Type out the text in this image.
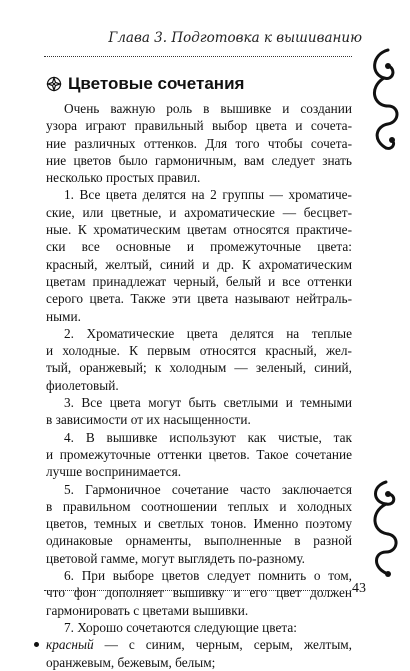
Глава 3. Подготовка к вышиванию
Цветовые сочетания
Очень важную роль в вышивке и создании
узора играют правильный выбор цвета и сочета-
ние различных оттенков. Для того чтобы сочета-
ние цветов было гармоничным, вам следует знать
несколько простых правил.
1. Все цвета делятся на 2 группы — хроматиче-
ские, или цветные, и ахроматические — бесцвет-
ные. К хроматическим цветам относятся практиче-
ски все основные и промежуточные цвета:
красный, желтый, синий и др. К ахроматическим
цветам принадлежат черный, белый и все оттенки
серого цвета. Также эти цвета называют нейтраль-
ными.
2. Хроматические цвета делятся на теплые
и холодные. К первым относятся красный, жел-
тый, оранжевый; к холодным — зеленый, синий,
фиолетовый.
3. Все цвета могут быть светлыми и темными
в зависимости от их насыщенности.
4. В вышивке используют как чистые, так
и промежуточные оттенки цветов. Такое сочетание
лучше воспринимается.
5. Гармоничное сочетание часто заключается
в правильном соотношении теплых и холодных
цветов, темных и светлых тонов. Именно поэтому
одинаковые орнаменты, выполненные в разной
цветовой гамме, могут выглядеть по-разному.
6. При выборе цветов следует помнить о том,
что фон дополняет вышивку и его цвет должен
гармонировать с цветами вышивки.
7. Хорошо сочетаются следующие цвета:
красный — с синим, черным, серым, желтым,
оранжевым, бежевым, белым;
43
